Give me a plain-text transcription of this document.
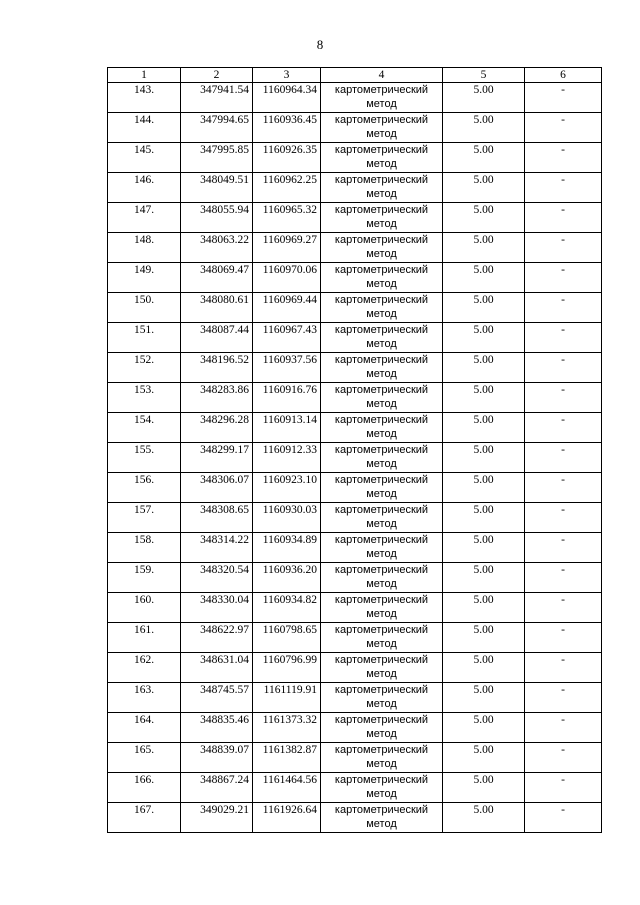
8
1	2	3	4	5	6
143.	347941.54	1160964.34	картометрический метод	5.00	-
144.	347994.65	1160936.45	картометрический метод	5.00	-
145.	347995.85	1160926.35	картометрический метод	5.00	-
146.	348049.51	1160962.25	картометрический метод	5.00	-
147.	348055.94	1160965.32	картометрический метод	5.00	-
148.	348063.22	1160969.27	картометрический метод	5.00	-
149.	348069.47	1160970.06	картометрический метод	5.00	-
150.	348080.61	1160969.44	картометрический метод	5.00	-
151.	348087.44	1160967.43	картометрический метод	5.00	-
152.	348196.52	1160937.56	картометрический метод	5.00	-
153.	348283.86	1160916.76	картометрический метод	5.00	-
154.	348296.28	1160913.14	картометрический метод	5.00	-
155.	348299.17	1160912.33	картометрический метод	5.00	-
156.	348306.07	1160923.10	картометрический метод	5.00	-
157.	348308.65	1160930.03	картометрический метод	5.00	-
158.	348314.22	1160934.89	картометрический метод	5.00	-
159.	348320.54	1160936.20	картометрический метод	5.00	-
160.	348330.04	1160934.82	картометрический метод	5.00	-
161.	348622.97	1160798.65	картометрический метод	5.00	-
162.	348631.04	1160796.99	картометрический метод	5.00	-
163.	348745.57	1161119.91	картометрический метод	5.00	-
164.	348835.46	1161373.32	картометрический метод	5.00	-
165.	348839.07	1161382.87	картометрический метод	5.00	-
166.	348867.24	1161464.56	картометрический метод	5.00	-
167.	349029.21	1161926.64	картометрический метод	5.00	-
